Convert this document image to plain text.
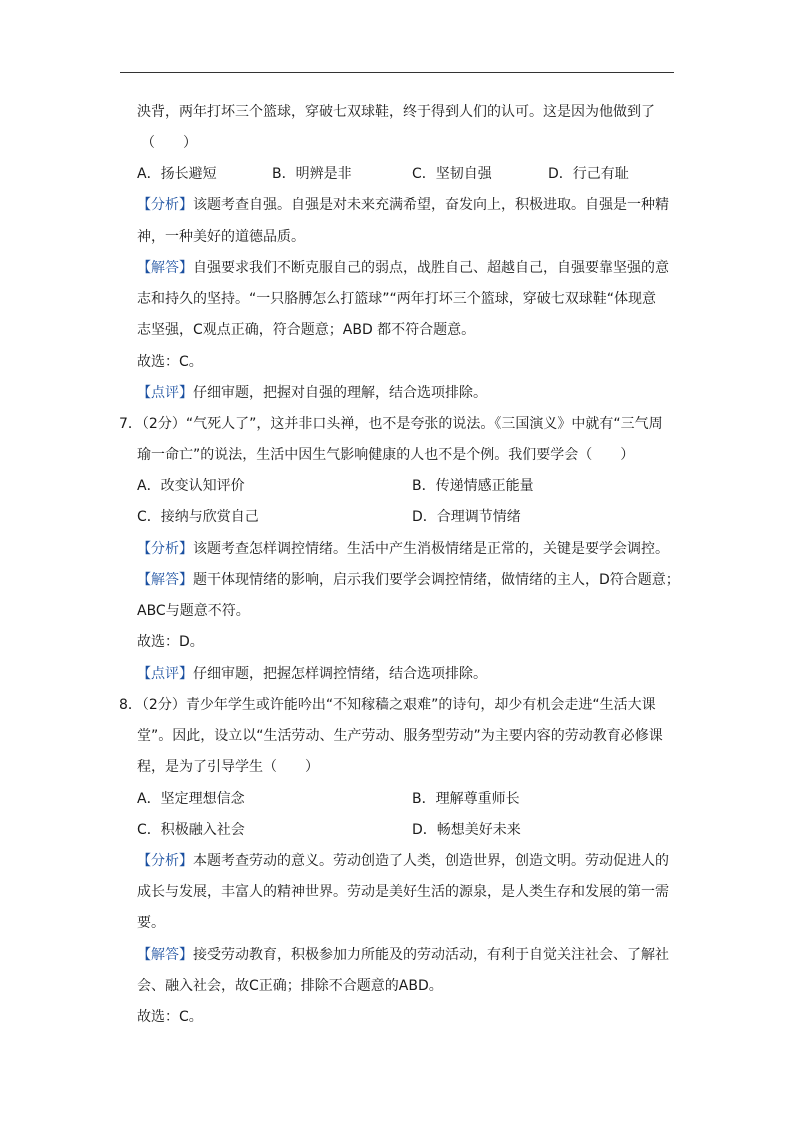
泱背，两年打坏三个篮球，穿破七双球鞋，终于得到人们的认可。这是因为他做到了
（　　）
A．扬长避短	B．明辨是非	C．坚韧自强	D．行己有耻
【分析】该题考查自强。自强是对未来充满希望，奋发向上，积极进取。自强是一种精
神，一种美好的道德品质。
【解答】自强要求我们不断克服自己的弱点，战胜自己、超越自己，自强要靠坚强的意
志和持久的坚持。“一只胳膊怎么打篮球”“两年打坏三个篮球，穿破七双球鞋“体现意
志坚强，C观点正确，符合题意；ABD 都不符合题意。
故选：C。
【点评】仔细审题，把握对自强的理解，结合选项排除。
7．（2分）“气死人了”，这并非口头禅，也不是夸张的说法。《三国演义》中就有“三气周
瑜一命亡”的说法，生活中因生气影响健康的人也不是个例。我们要学会（　　）
A．改变认知评价	B．传递情感正能量
C．接纳与欣赏自己	D．合理调节情绪
【分析】该题考查怎样调控情绪。生活中产生消极情绪是正常的，关键是要学会调控。
【解答】题干体现情绪的影响，启示我们要学会调控情绪，做情绪的主人，D符合题意；
ABC与题意不符。
故选：D。
【点评】仔细审题，把握怎样调控情绪，结合选项排除。
8．（2分）青少年学生或许能吟出“不知稼穑之艰难”的诗句，却少有机会走进“生活大课
堂”。因此，设立以“生活劳动、生产劳动、服务型劳动”为主要内容的劳动教育必修课
程，是为了引导学生（　　）
A．坚定理想信念	B．理解尊重师长
C．积极融入社会	D．畅想美好未来
【分析】本题考查劳动的意义。劳动创造了人类，创造世界，创造文明。劳动促进人的
成长与发展，丰富人的精神世界。劳动是美好生活的源泉，是人类生存和发展的第一需
要。
【解答】接受劳动教育，积极参加力所能及的劳动活动，有利于自觉关注社会、了解社
会、融入社会，故C正确；排除不合题意的ABD。
故选：C。
